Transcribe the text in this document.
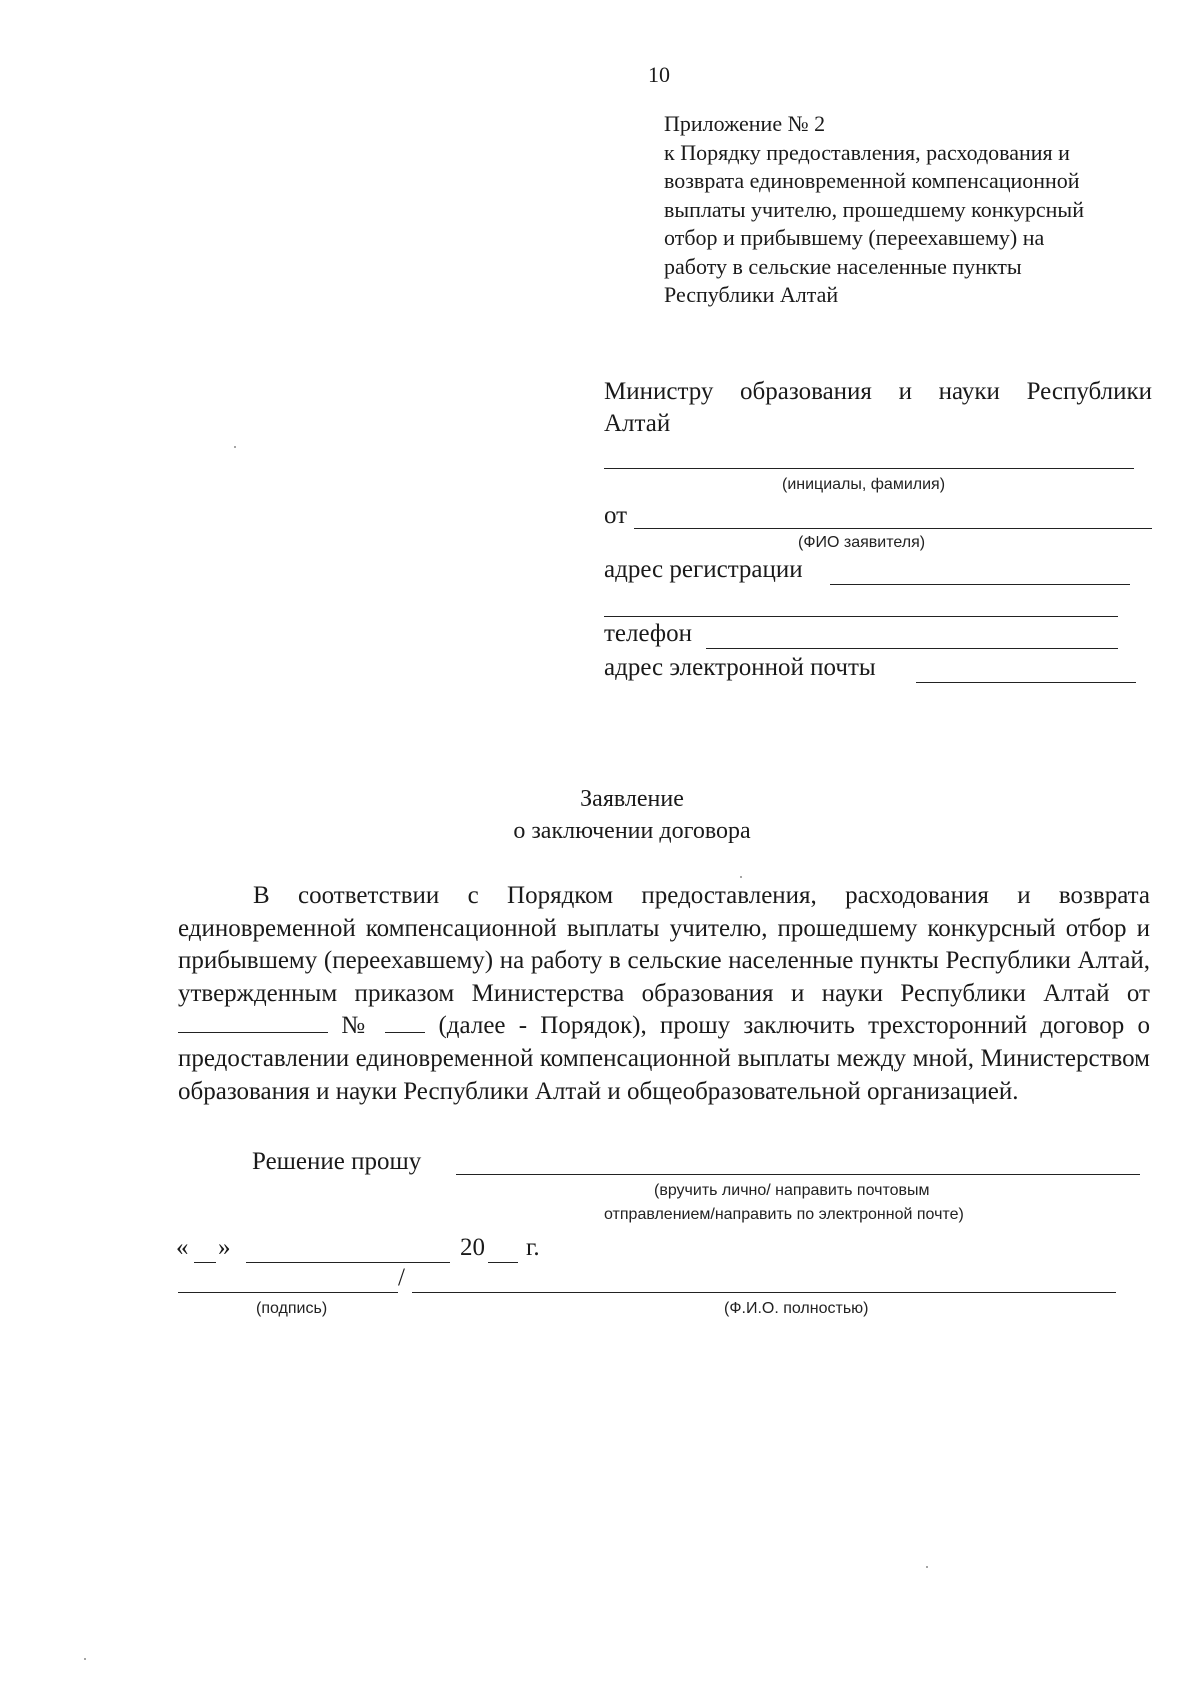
10
Приложение № 2
к Порядку предоставления, расходования и
возврата единовременной компенсационной
выплаты учителю, прошедшему конкурсный
отбор и прибывшему (переехавшему) на
работу в сельские населенные пункты
Республики Алтай
Министру образования и науки Республики Алтай
(инициалы, фамилия)
от
(ФИО заявителя)
адрес регистрации
телефон
адрес электронной почты
Заявление
о заключении договора
В соответствии с Порядком предоставления, расходования и возврата единовременной компенсационной выплаты учителю, прошедшему конкурсный отбор и прибывшему (переехавшему) на работу в сельские населенные пункты Республики Алтай, утвержденным приказом Министерства образования и науки Республики Алтай от  №	(далее - Порядок), прошу заключить трехсторонний договор о предоставлении единовременной компенсационной выплаты между мной, Министерством образования и науки Республики Алтай и общеобразовательной организацией.
Решение прошу
(вручить лично/ направить почтовым
отправлением/направить по электронной почте)
« »	20 г.
/
(подпись)	(Ф.И.О. полностью)
